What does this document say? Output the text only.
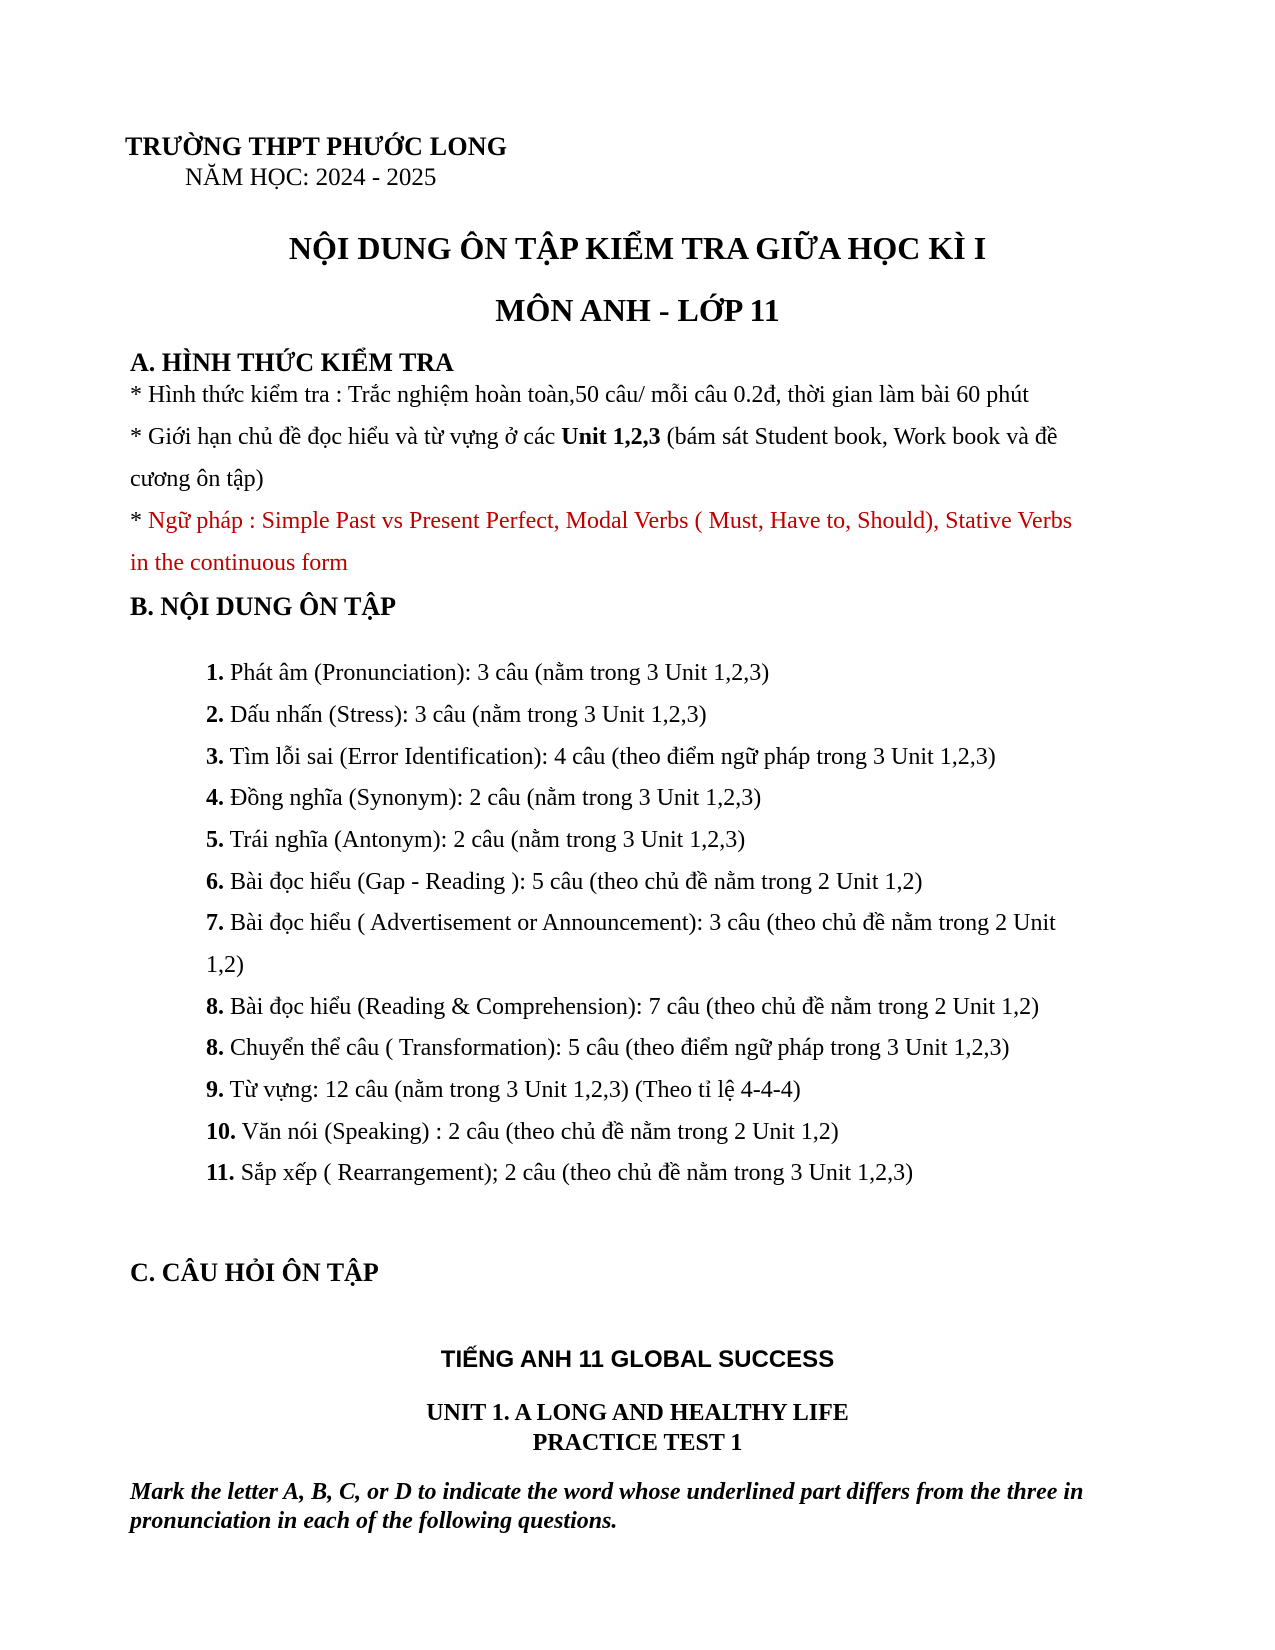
TRƯỜNG THPT PHƯỚC LONG
NĂM HỌC: 2024 - 2025
NỘI DUNG ÔN TẬP KIỂM TRA GIỮA HỌC KÌ I
MÔN ANH - LỚP 11
A. HÌNH THỨC KIỂM TRA
* Hình thức kiểm tra : Trắc nghiệm hoàn toàn,50 câu/ mỗi câu 0.2đ, thời gian làm bài 60 phút
* Giới hạn chủ đề đọc hiểu và từ vựng ở các Unit 1,2,3 (bám sát Student book, Work book và đề
cương ôn tập)
* Ngữ pháp : Simple Past vs Present Perfect, Modal Verbs ( Must, Have to, Should), Stative Verbs
in the continuous form
B. NỘI DUNG ÔN TẬP
1. Phát âm (Pronunciation): 3 câu (nằm trong 3 Unit 1,2,3)
2. Dấu nhấn (Stress): 3 câu (nằm trong 3 Unit 1,2,3)
3. Tìm lỗi sai (Error Identification): 4 câu (theo điểm ngữ pháp trong 3 Unit 1,2,3)
4. Đồng nghĩa (Synonym): 2 câu (nằm trong 3 Unit 1,2,3)
5. Trái nghĩa (Antonym): 2 câu (nằm trong 3 Unit 1,2,3)
6. Bài đọc hiểu (Gap - Reading ): 5 câu (theo chủ đề nằm trong 2 Unit 1,2)
7. Bài đọc hiểu ( Advertisement or Announcement): 3 câu (theo chủ đề nằm trong 2 Unit
1,2)
8. Bài đọc hiểu (Reading & Comprehension): 7 câu (theo chủ đề nằm trong 2 Unit 1,2)
8. Chuyển thể câu ( Transformation): 5 câu (theo điểm ngữ pháp trong 3 Unit 1,2,3)
9. Từ vựng: 12 câu (nằm trong 3 Unit 1,2,3) (Theo tỉ lệ 4-4-4)
10. Văn nói (Speaking) : 2 câu (theo chủ đề nằm trong 2 Unit 1,2)
11. Sắp xếp ( Rearrangement); 2 câu (theo chủ đề nằm trong 3 Unit 1,2,3)
C. CÂU HỎI ÔN TẬP
TIẾNG ANH 11 GLOBAL SUCCESS
UNIT 1. A LONG AND HEALTHY LIFE
PRACTICE TEST 1
Mark the letter A, B, C, or D to indicate the word whose underlined part differs from the three in pronunciation in each of the following questions.
